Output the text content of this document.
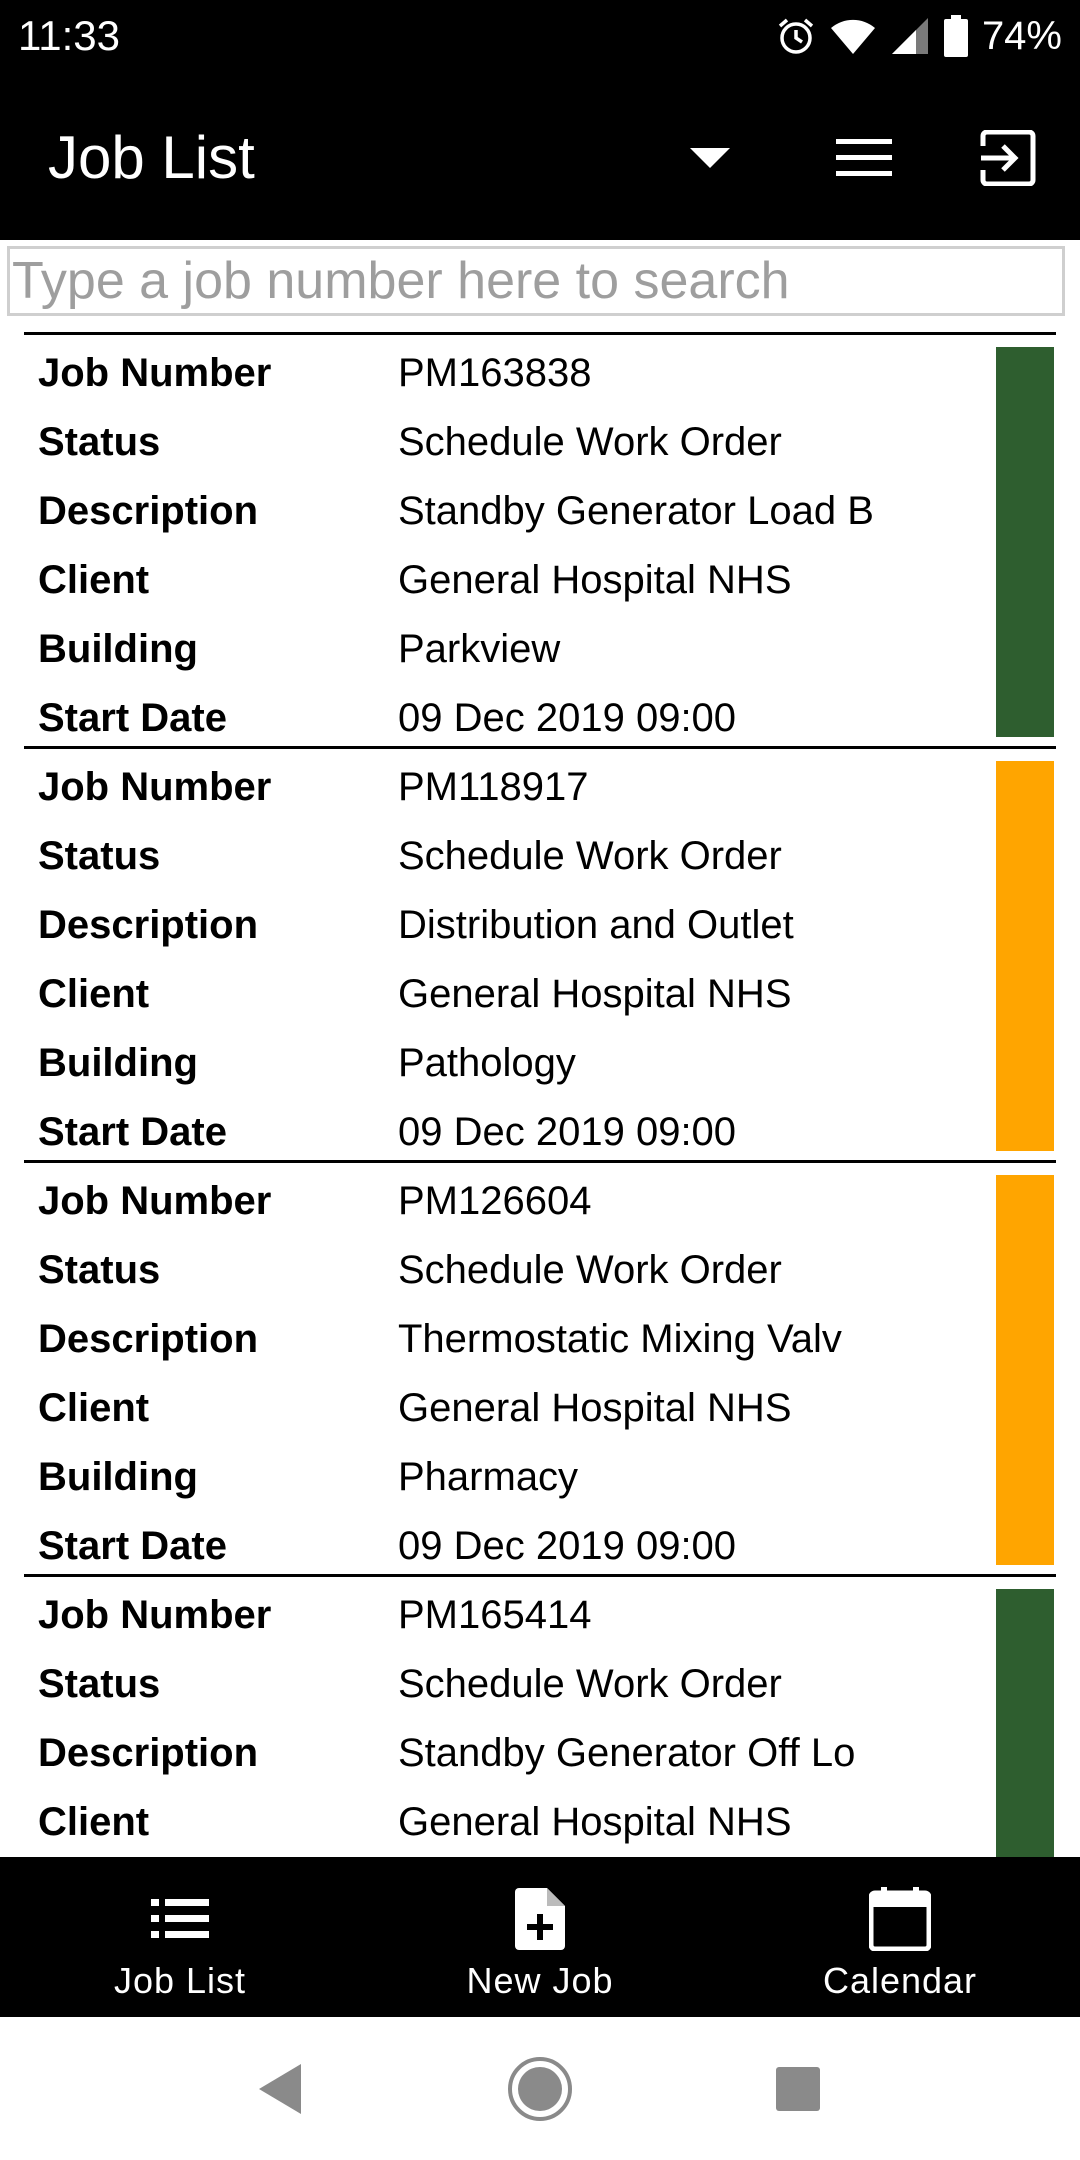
11:33	74%
Job List
Type a job number here to search
Job Number	PM163838
Status	Schedule Work Order
Description	Standby Generator Load B
Client	General Hospital NHS
Building	Parkview
Start Date	09 Dec 2019 09:00
Job Number	PM118917
Status	Schedule Work Order
Description	Distribution and Outlet
Client	General Hospital NHS
Building	Pathology
Start Date	09 Dec 2019 09:00
Job Number	PM126604
Status	Schedule Work Order
Description	Thermostatic Mixing Valv
Client	General Hospital NHS
Building	Pharmacy
Start Date	09 Dec 2019 09:00
Job Number	PM165414
Status	Schedule Work Order
Description	Standby Generator Off Lo
Client	General Hospital NHS
Job List	New Job	Calendar
